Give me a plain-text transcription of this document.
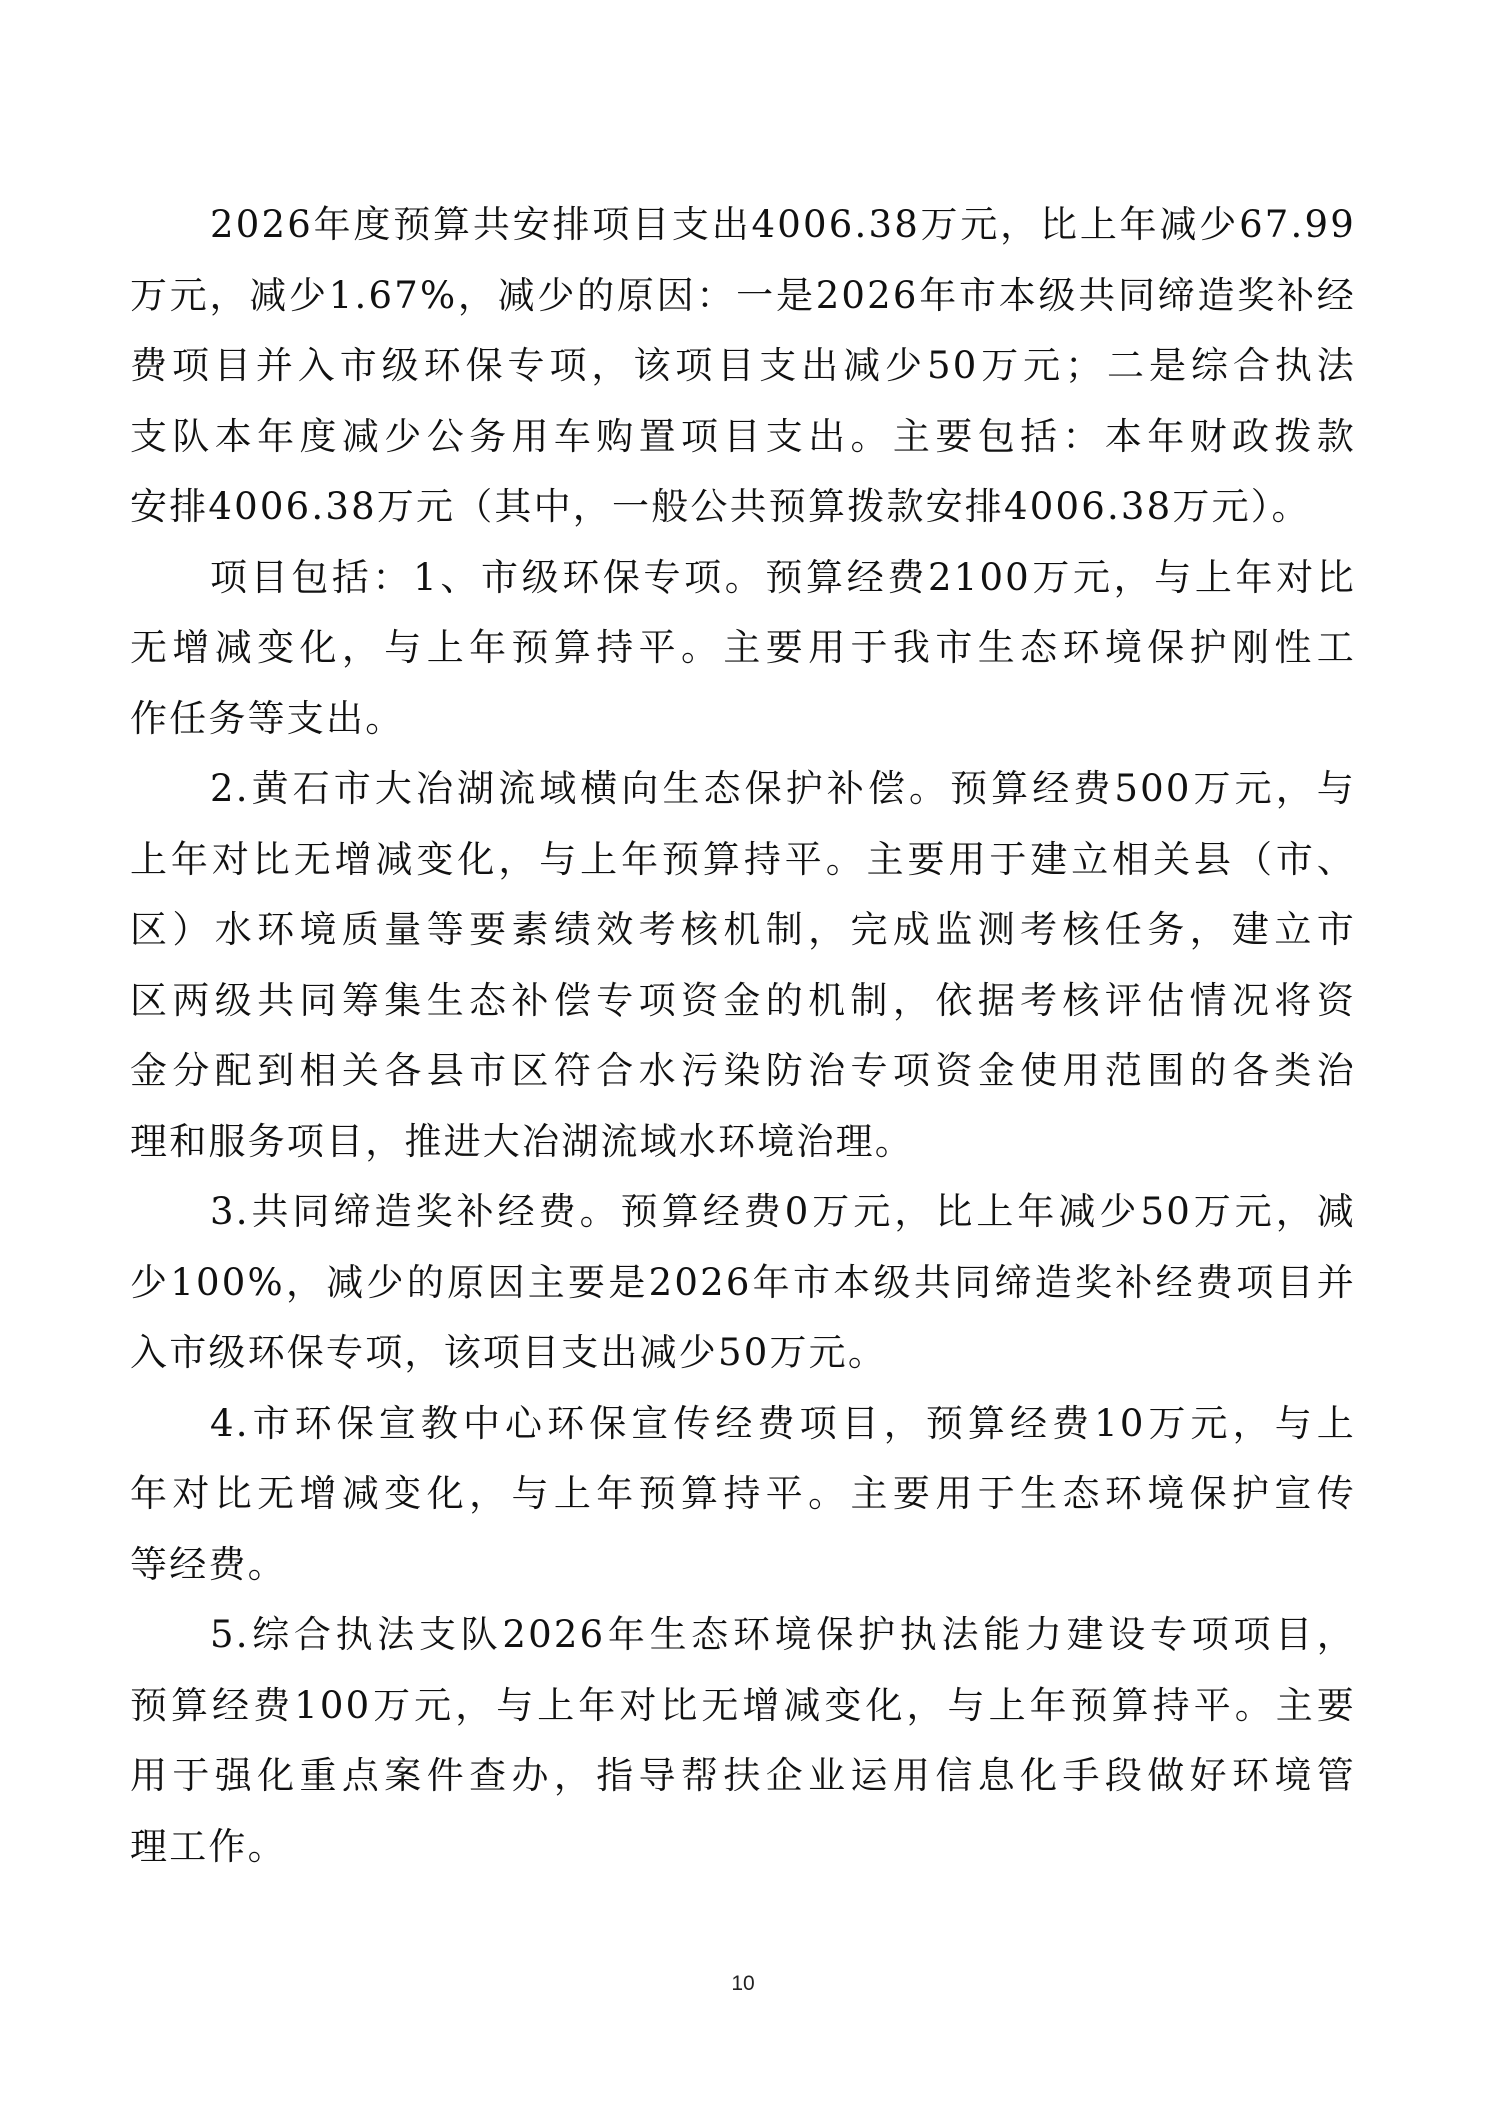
2026年度预算共安排项目支出4006.38万元，比上年减少67.99
万元，减少1.67%，减少的原因：一是2026年市本级共同缔造奖补经
费项目并入市级环保专项，该项目支出减少50万元；二是综合执法
支队本年度减少公务用车购置项目支出。主要包括：本年财政拨款
安排4006.38万元（其中，一般公共预算拨款安排4006.38万元）。
项目包括：1、市级环保专项。预算经费2100万元，与上年对比
无增减变化，与上年预算持平。主要用于我市生态环境保护刚性工
作任务等支出。
2.黄石市大冶湖流域横向生态保护补偿。预算经费500万元，与
上年对比无增减变化，与上年预算持平。主要用于建立相关县（市、
区）水环境质量等要素绩效考核机制，完成监测考核任务，建立市
区两级共同筹集生态补偿专项资金的机制，依据考核评估情况将资
金分配到相关各县市区符合水污染防治专项资金使用范围的各类治
理和服务项目，推进大冶湖流域水环境治理。
3.共同缔造奖补经费。预算经费0万元，比上年减少50万元，减
少100%，减少的原因主要是2026年市本级共同缔造奖补经费项目并
入市级环保专项，该项目支出减少50万元。
4.市环保宣教中心环保宣传经费项目，预算经费10万元，与上
年对比无增减变化，与上年预算持平。主要用于生态环境保护宣传
等经费。
5.综合执法支队2026年生态环境保护执法能力建设专项项目，
预算经费100万元，与上年对比无增减变化，与上年预算持平。主要
用于强化重点案件查办，指导帮扶企业运用信息化手段做好环境管
理工作。
10
